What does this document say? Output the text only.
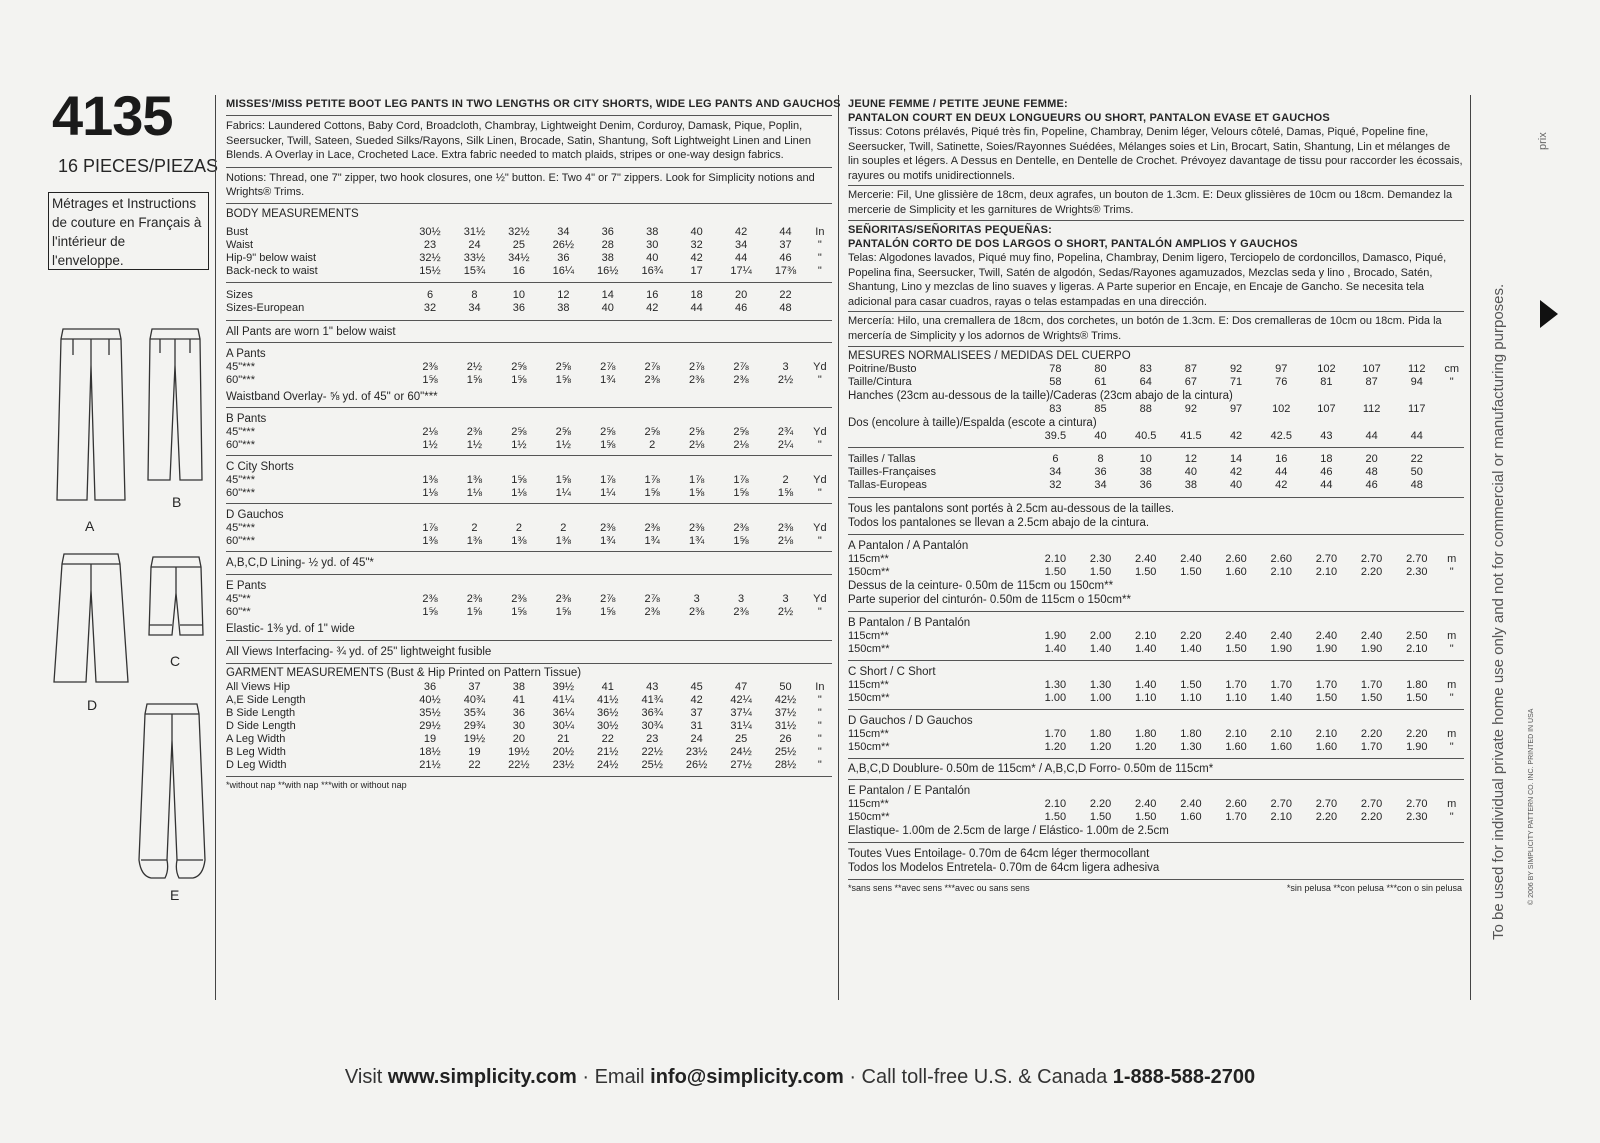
4135
16 PIECES/PIEZAS
Métrages et Instructions
de couture en Français à
l'intérieur de
l'enveloppe.
A
B
C
D
E
MISSES'/MISS PETITE BOOT LEG PANTS IN TWO LENGTHS OR CITY SHORTS, WIDE LEG PANTS AND GAUCHOS
Fabrics: Laundered Cottons, Baby Cord, Broadcloth, Chambray, Lightweight Denim, Corduroy, Damask, Pique, Poplin, Seersucker, Twill, Sateen, Sueded Silks/Rayons, Silk Linen, Brocade, Satin, Shantung, Soft Lightweight Linen and Linen Blends. A Overlay in Lace, Crocheted Lace. Extra fabric needed to match plaids, stripes or one-way design fabrics.
Notions: Thread, one 7" zipper, two hook closures, one ½" button. E: Two 4" or 7" zippers. Look for Simplicity notions and Wrights® Trims.
BODY MEASUREMENTS
Bust	30½	31½	32½	34	36	38	40	42	44	In
Waist	23	24	25	26½	28	30	32	34	37	"
Hip-9" below waist	32½	33½	34½	36	38	40	42	44	46	"
Back-neck to waist	15½	15¾	16	16¼	16½	16¾	17	17¼	17⅜	"
Sizes	6	8	10	12	14	16	18	20	22	
Sizes-European	32	34	36	38	40	42	44	46	48	
All Pants are worn 1" below waist
A Pants
45"***	2⅜	2½	2⅝	2⅝	2⅞	2⅞	2⅞	2⅞	3	Yd
60"***	1⅝	1⅝	1⅝	1⅝	1¾	2⅜	2⅜	2⅜	2½	"
Waistband Overlay- ⅝ yd. of 45" or 60"***
B Pants
45"***	2⅛	2⅜	2⅝	2⅝	2⅝	2⅝	2⅝	2⅝	2¾	Yd
60"***	1½	1½	1½	1½	1⅝	2	2⅛	2⅛	2¼	"
C City Shorts
45"***	1⅜	1⅜	1⅝	1⅝	1⅞	1⅞	1⅞	1⅞	2	Yd
60"***	1⅛	1⅛	1⅛	1¼	1¼	1⅝	1⅝	1⅝	1⅝	"
D Gauchos
45"***	1⅞	2	2	2	2⅜	2⅜	2⅜	2⅜	2⅜	Yd
60"***	1⅜	1⅜	1⅜	1⅜	1¾	1¾	1¾	1⅝	2⅛	"
A,B,C,D Lining- ½ yd. of 45"*
E Pants
45"**	2⅜	2⅜	2⅜	2⅜	2⅞	2⅞	3	3	3	Yd
60"**	1⅝	1⅝	1⅝	1⅝	1⅝	2⅜	2⅜	2⅜	2½	"
Elastic- 1⅜ yd. of 1" wide
All Views Interfacing- ¾ yd. of 25" lightweight fusible
GARMENT MEASUREMENTS (Bust & Hip Printed on Pattern Tissue)
All Views Hip	36	37	38	39½	41	43	45	47	50	In
A,E Side Length	40½	40¾	41	41¼	41½	41¾	42	42¼	42½	"
B Side Length	35½	35¾	36	36¼	36½	36¾	37	37¼	37½	"
D Side Length	29½	29¾	30	30¼	30½	30¾	31	31¼	31½	"
A Leg Width	19	19½	20	21	22	23	24	25	26	"
B Leg Width	18½	19	19½	20½	21½	22½	23½	24½	25½	"
D Leg Width	21½	22	22½	23½	24½	25½	26½	27½	28½	"
*without nap **with nap ***with or without nap
JEUNE FEMME / PETITE JEUNE FEMME:
PANTALON COURT EN DEUX LONGUEURS OU SHORT, PANTALON EVASE ET GAUCHOS
Tissus: Cotons prélavés, Piqué très fin, Popeline, Chambray, Denim léger, Velours côtelé, Damas, Piqué, Popeline fine, Seersucker, Twill, Satinette, Soies/Rayonnes Suédées, Mélanges soies et Lin, Brocart, Satin, Shantung, Lin et mélanges de lin souples et légers. A Dessus en Dentelle, en Dentelle de Crochet. Prévoyez davantage de tissu pour raccorder les écossais, rayures ou motifs unidirectionnels.
Mercerie: Fil, Une glissière de 18cm, deux agrafes, un bouton de 1.3cm. E: Deux glissières de 10cm ou 18cm. Demandez la mercerie de Simplicity et les garnitures de Wrights® Trims.
SEÑORITAS/SEÑORITAS PEQUEÑAS:
PANTALÓN CORTO DE DOS LARGOS O SHORT, PANTALÓN AMPLIOS Y GAUCHOS
Telas: Algodones lavados, Piqué muy fino, Popelina, Chambray, Denim ligero, Terciopelo de cordoncillos, Damasco, Piqué, Popelina fina, Seersucker, Twill, Satén de algodón, Sedas/Rayones agamuzados, Mezclas seda y lino , Brocado, Satén, Shantung, Lino y mezclas de lino suaves y ligeras. A Parte superior en Encaje, en Encaje de Gancho. Se necesita tela adicional para casar cuadros, rayas o telas estampadas en una dirección.
Mercería: Hilo, una cremallera de 18cm, dos corchetes, un botón de 1.3cm. E: Dos cremalleras de 10cm ou 18cm. Pida la mercería de Simplicity y los adornos de Wrights® Trims.
MESURES NORMALISEES / MEDIDAS DEL CUERPO
Poitrine/Busto	78	80	83	87	92	97	102	107	112	cm
Taille/Cintura	58	61	64	67	71	76	81	87	94	"
Hanches (23cm au-dessous de la taille)/Caderas (23cm abajo de la cintura)
	83	85	88	92	97	102	107	112	117	
Dos (encolure à taille)/Espalda (escote a cintura)
	39.5	40	40.5	41.5	42	42.5	43	44	44	
Tailles / Tallas	6	8	10	12	14	16	18	20	22	
Tailles-Françaises	34	36	38	40	42	44	46	48	50	
Tallas-Europeas	32	34	36	38	40	42	44	46	48	
Tous les pantalons sont portés à 2.5cm au-dessous de la tailles.
Todos los pantalones se llevan a 2.5cm abajo de la cintura.
A Pantalon / A Pantalón
115cm**	2.10	2.30	2.40	2.40	2.60	2.60	2.70	2.70	2.70	m
150cm**	1.50	1.50	1.50	1.50	1.60	2.10	2.10	2.20	2.30	"
Dessus de la ceinture- 0.50m de 115cm ou 150cm**
Parte superior del cinturón- 0.50m de 115cm o 150cm**
B Pantalon / B Pantalón
115cm**	1.90	2.00	2.10	2.20	2.40	2.40	2.40	2.40	2.50	m
150cm**	1.40	1.40	1.40	1.40	1.50	1.90	1.90	1.90	2.10	"
C Short / C Short
115cm**	1.30	1.30	1.40	1.50	1.70	1.70	1.70	1.70	1.80	m
150cm**	1.00	1.00	1.10	1.10	1.10	1.40	1.50	1.50	1.50	"
D Gauchos / D Gauchos
115cm**	1.70	1.80	1.80	1.80	2.10	2.10	2.10	2.20	2.20	m
150cm**	1.20	1.20	1.20	1.30	1.60	1.60	1.60	1.70	1.90	"
A,B,C,D Doublure- 0.50m de 115cm* / A,B,C,D Forro- 0.50m de 115cm*
E Pantalon / E Pantalón
115cm**	2.10	2.20	2.40	2.40	2.60	2.70	2.70	2.70	2.70	m
150cm**	1.50	1.50	1.50	1.60	1.70	2.10	2.20	2.20	2.30	"
Elastique- 1.00m de 2.5cm de large / Elástico- 1.00m de 2.5cm
Toutes Vues Entoilage- 0.70m de 64cm léger thermocollant
Todos los Modelos Entretela- 0.70m de 64cm ligera adhesiva
*sans sens **avec sens ***avec ou sans sens	*sin pelusa **con pelusa ***con o sin pelusa To be used for individual private home use only and not for commercial or manufacturing purposes.	© 2006 BY SIMPLICITY PATTERN CO. INC. PRINTED IN USA
prix
Visit www.simplicity.com · Email info@simplicity.com · Call toll-free U.S. & Canada 1-888-588-2700
